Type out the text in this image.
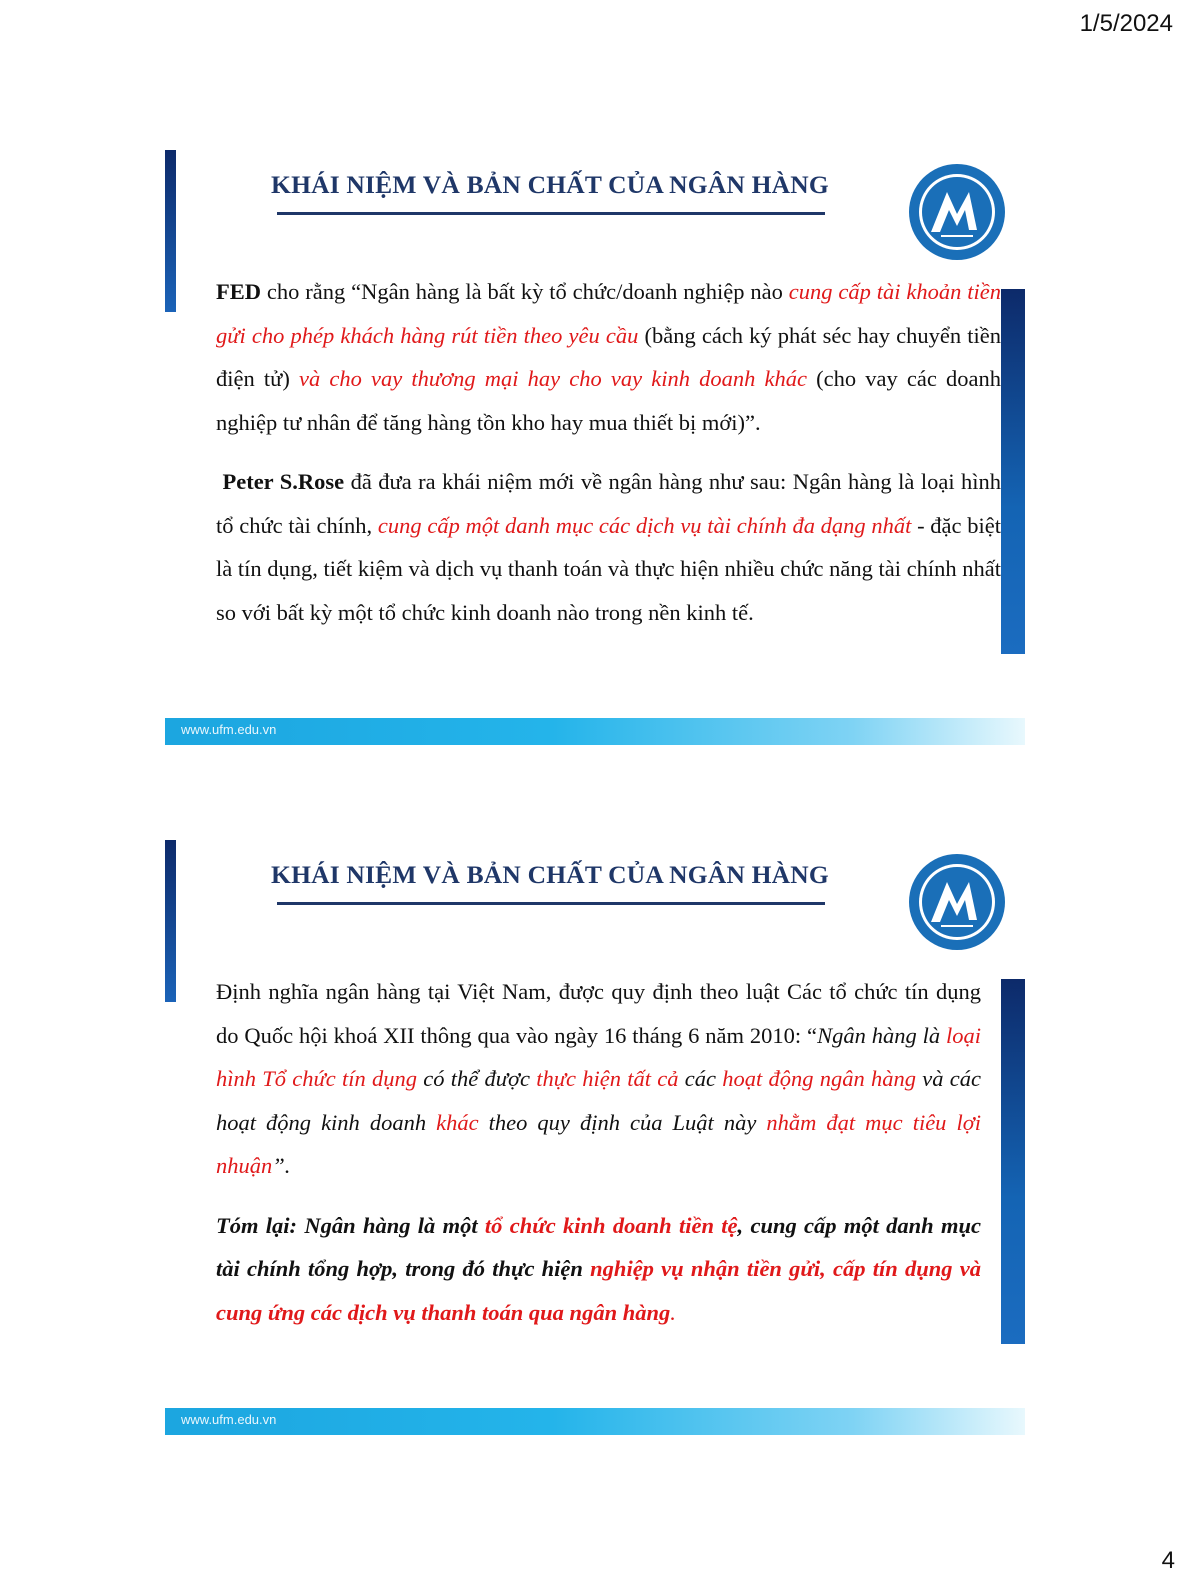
1/5/2024
KHÁI NIỆM VÀ BẢN CHẤT CỦA NGÂN HÀNG

FED cho rằng “Ngân hàng là bất kỳ tổ chức/doanh nghiệp nào cung cấp tài khoản tiền gửi cho phép khách hàng rút tiền theo yêu cầu (bằng cách ký phát séc hay chuyển tiền điện tử) và cho vay thương mại hay cho vay kinh doanh khác (cho vay các doanh nghiệp tư nhân để tăng hàng tồn kho hay mua thiết bị mới)”.

Peter S.Rose đã đưa ra khái niệm mới về ngân hàng như sau: Ngân hàng là loại hình tổ chức tài chính, cung cấp một danh mục các dịch vụ tài chính đa dạng nhất - đặc biệt là tín dụng, tiết kiệm và dịch vụ thanh toán và thực hiện nhiều chức năng tài chính nhất so với bất kỳ một tổ chức kinh doanh nào trong nền kinh tế.

www.ufm.edu.vn
KHÁI NIỆM VÀ BẢN CHẤT CỦA NGÂN HÀNG

Định nghĩa ngân hàng tại Việt Nam, được quy định theo luật Các tổ chức tín dụng do Quốc hội khoá XII thông qua vào ngày 16 tháng 6 năm 2010: “Ngân hàng là loại hình Tổ chức tín dụng có thể được thực hiện tất cả các hoạt động ngân hàng và các hoạt động kinh doanh khác theo quy định của Luật này nhằm đạt mục tiêu lợi nhuận”.

Tóm lại: Ngân hàng là một tổ chức kinh doanh tiền tệ, cung cấp một danh mục tài chính tổng hợp, trong đó thực hiện nghiệp vụ nhận tiền gửi, cấp tín dụng và cung ứng các dịch vụ thanh toán qua ngân hàng.

www.ufm.edu.vn
4
